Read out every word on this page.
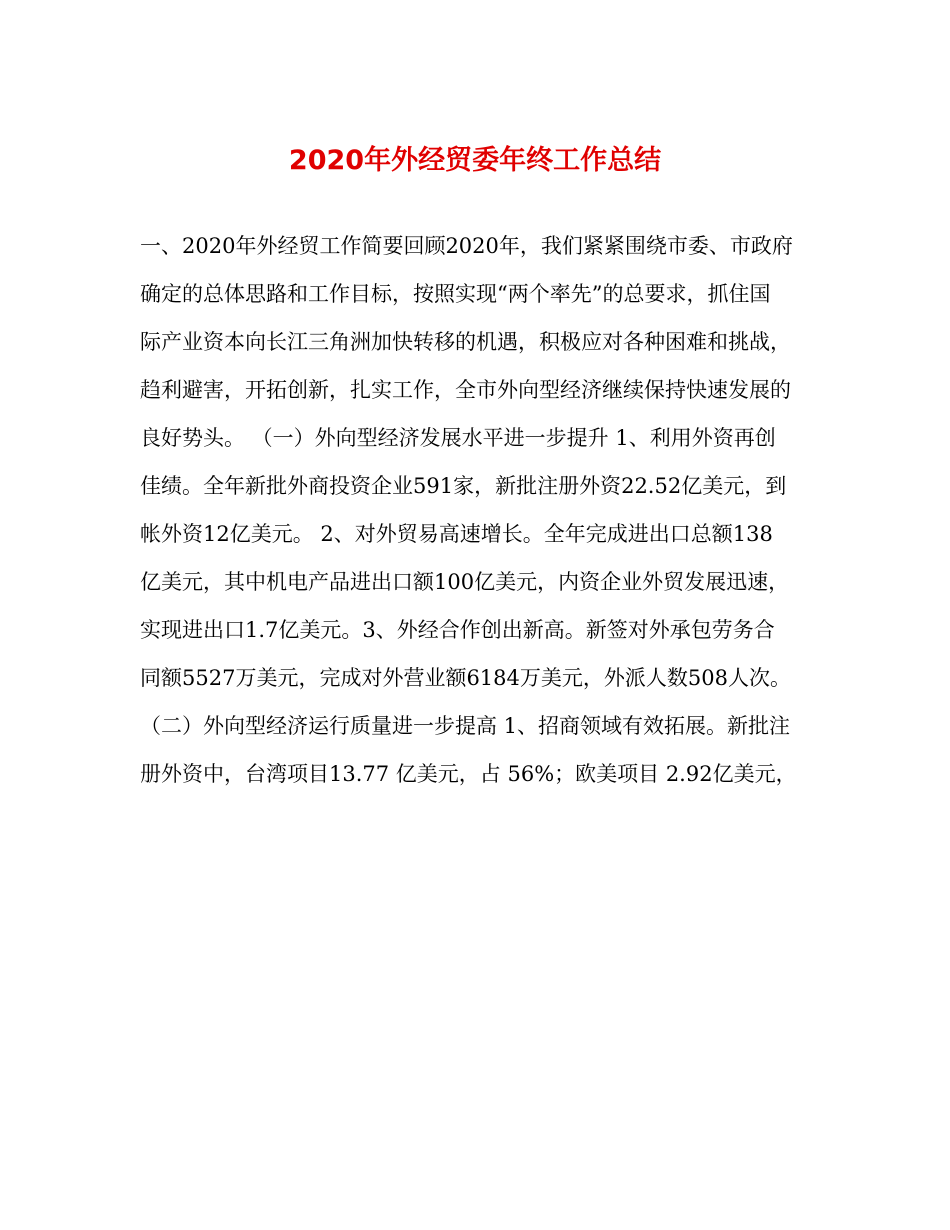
2020年外经贸委年终工作总结
一、2020年外经贸工作简要回顾2020年，我们紧紧围绕市委、市政府
确定的总体思路和工作目标，按照实现“两个率先”的总要求，抓住国
际产业资本向长江三角洲加快转移的机遇，积极应对各种困难和挑战，
趋利避害，开拓创新，扎实工作，全市外向型经济继续保持快速发展的
良好势头。 （一）外向型经济发展水平进一步提升 1、利用外资再创
佳绩。全年新批外商投资企业591家，新批注册外资22.52亿美元，到
帐外资12亿美元。 2、对外贸易高速增长。全年完成进出口总额138
亿美元，其中机电产品进出口额100亿美元，内资企业外贸发展迅速，
实现进出口1.7亿美元。3、外经合作创出新高。新签对外承包劳务合
同额5527万美元，完成对外营业额6184万美元，外派人数508人次。
（二）外向型经济运行质量进一步提高 1、招商领域有效拓展。新批注
册外资中，台湾项目13.77 亿美元，占 56%；欧美项目 2.92亿美元，
